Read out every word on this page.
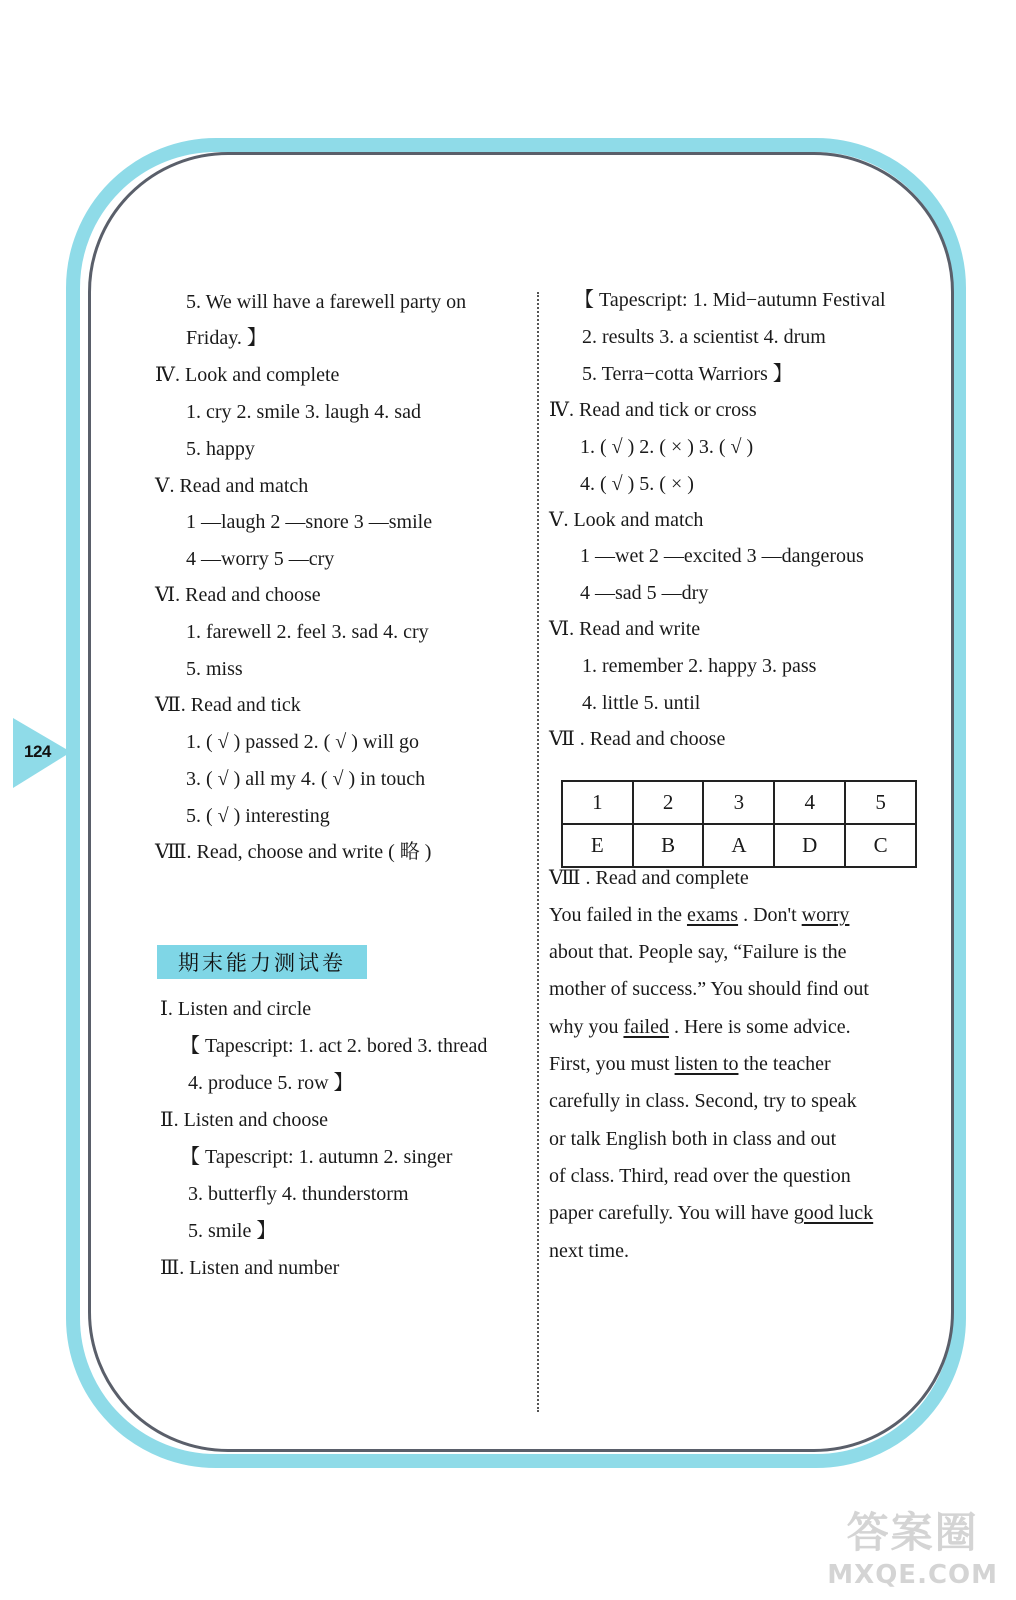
124
5. We will have a farewell party on
Friday. 】
Ⅳ. Look and complete
1. cry 2. smile 3. laugh 4. sad
5. happy
Ⅴ. Read and match
1 —laugh 2 —snore 3 —smile
4 —worry 5 —cry
Ⅵ. Read and choose
1. farewell 2. feel 3. sad 4. cry
5. miss
Ⅶ. Read and tick
1. ( √ ) passed 2. ( √ ) will go
3. ( √ ) all my 4. ( √ ) in touch
5. ( √ ) interesting
Ⅷ. Read, choose and write ( 略 )
期末能力测试卷
Ⅰ. Listen and circle
【 Tapescript: 1. act 2. bored 3. thread
4. produce 5. row 】
Ⅱ. Listen and choose
【 Tapescript: 1. autumn 2. singer
3. butterfly 4. thunderstorm
5. smile 】
Ⅲ. Listen and number
【 Tapescript: 1. Mid−autumn Festival
2. results 3. a scientist 4. drum
5. Terra−cotta Warriors 】
Ⅳ. Read and tick or cross
1. ( √ ) 2. ( × ) 3. ( √ )
4. ( √ ) 5. ( × )
Ⅴ. Look and match
1 —wet 2 —excited 3 —dangerous
4 —sad 5 —dry
Ⅵ. Read and write
1. remember 2. happy 3. pass
4. little 5. until
Ⅶ . Read and choose
1	2	3	4	5
E	B	A	D	C
Ⅷ . Read and complete
You failed in the exams . Don't worry
about that. People say, “Failure is the
mother of success.” You should find out
why you failed . Here is some advice.
First, you must listen to the teacher
carefully in class. Second, try to speak
or talk English both in class and out
of class. Third, read over the question
paper carefully. You will have good luck
next time.
答案圈
MXQE.COM
